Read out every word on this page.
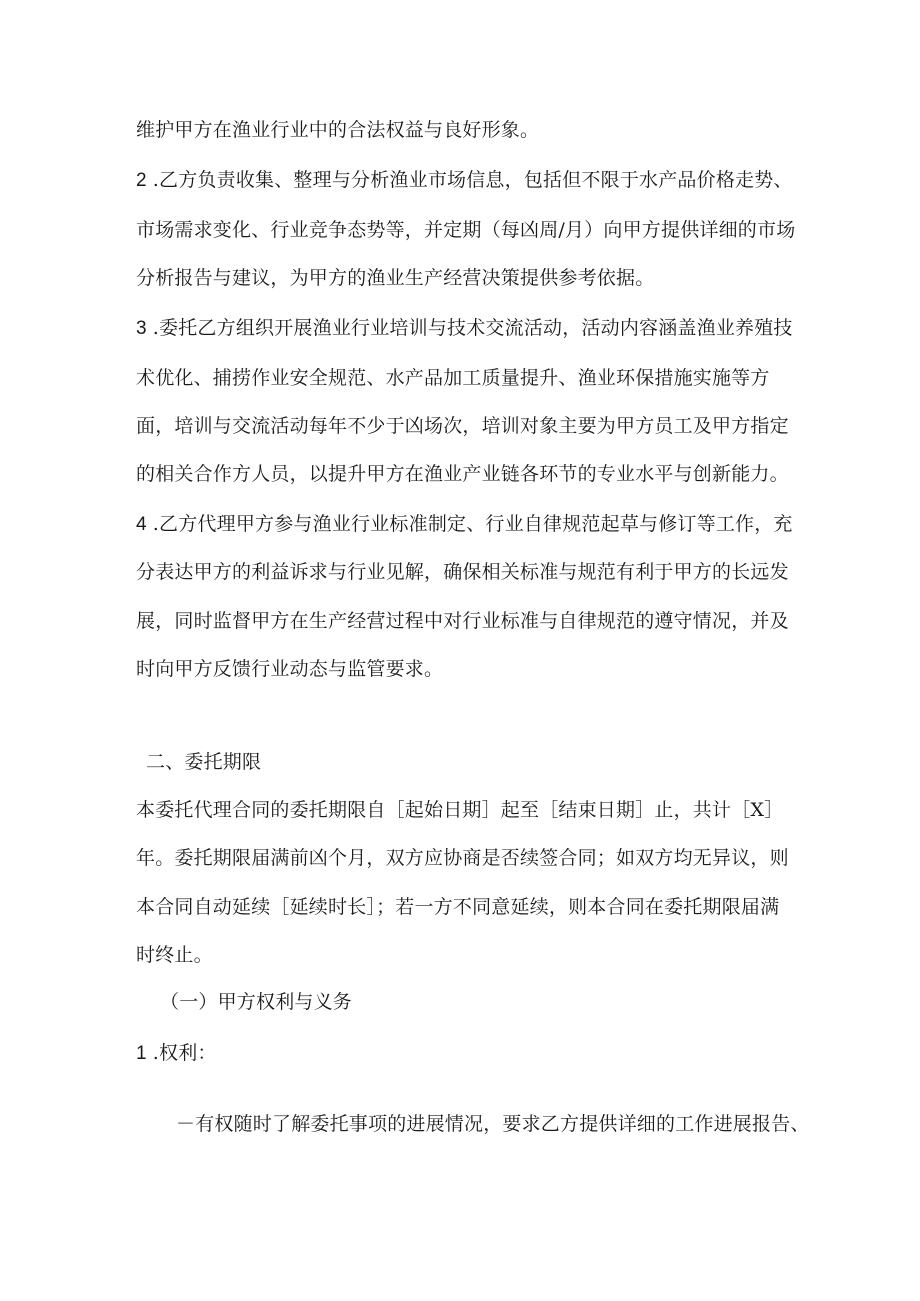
维护甲方在渔业行业中的合法权益与良好形象。
2 .乙方负责收集、整理与分析渔业市场信息，包括但不限于水产品价格走势、
市场需求变化、行业竞争态势等，并定期（每凶周/月）向甲方提供详细的市场
分析报告与建议，为甲方的渔业生产经营决策提供参考依据。
3 .委托乙方组织开展渔业行业培训与技术交流活动，活动内容涵盖渔业养殖技
术优化、捕捞作业安全规范、水产品加工质量提升、渔业环保措施实施等方
面，培训与交流活动每年不少于凶场次，培训对象主要为甲方员工及甲方指定
的相关合作方人员，以提升甲方在渔业产业链各环节的专业水平与创新能力。
4 .乙方代理甲方参与渔业行业标准制定、行业自律规范起草与修订等工作，充
分表达甲方的利益诉求与行业见解，确保相关标准与规范有利于甲方的长远发
展，同时监督甲方在生产经营过程中对行业标准与自律规范的遵守情况，并及
时向甲方反馈行业动态与监管要求。
二、委托期限
本委托代理合同的委托期限自［起始日期］起至［结束日期］止，共计［X］
年。委托期限届满前凶个月，双方应协商是否续签合同；如双方均无异议，则
本合同自动延续［延续时长］；若一方不同意延续，则本合同在委托期限届满
时终止。
（一）甲方权利与义务
1 .权利：
－有权随时了解委托事项的进展情况，要求乙方提供详细的工作进展报告、
